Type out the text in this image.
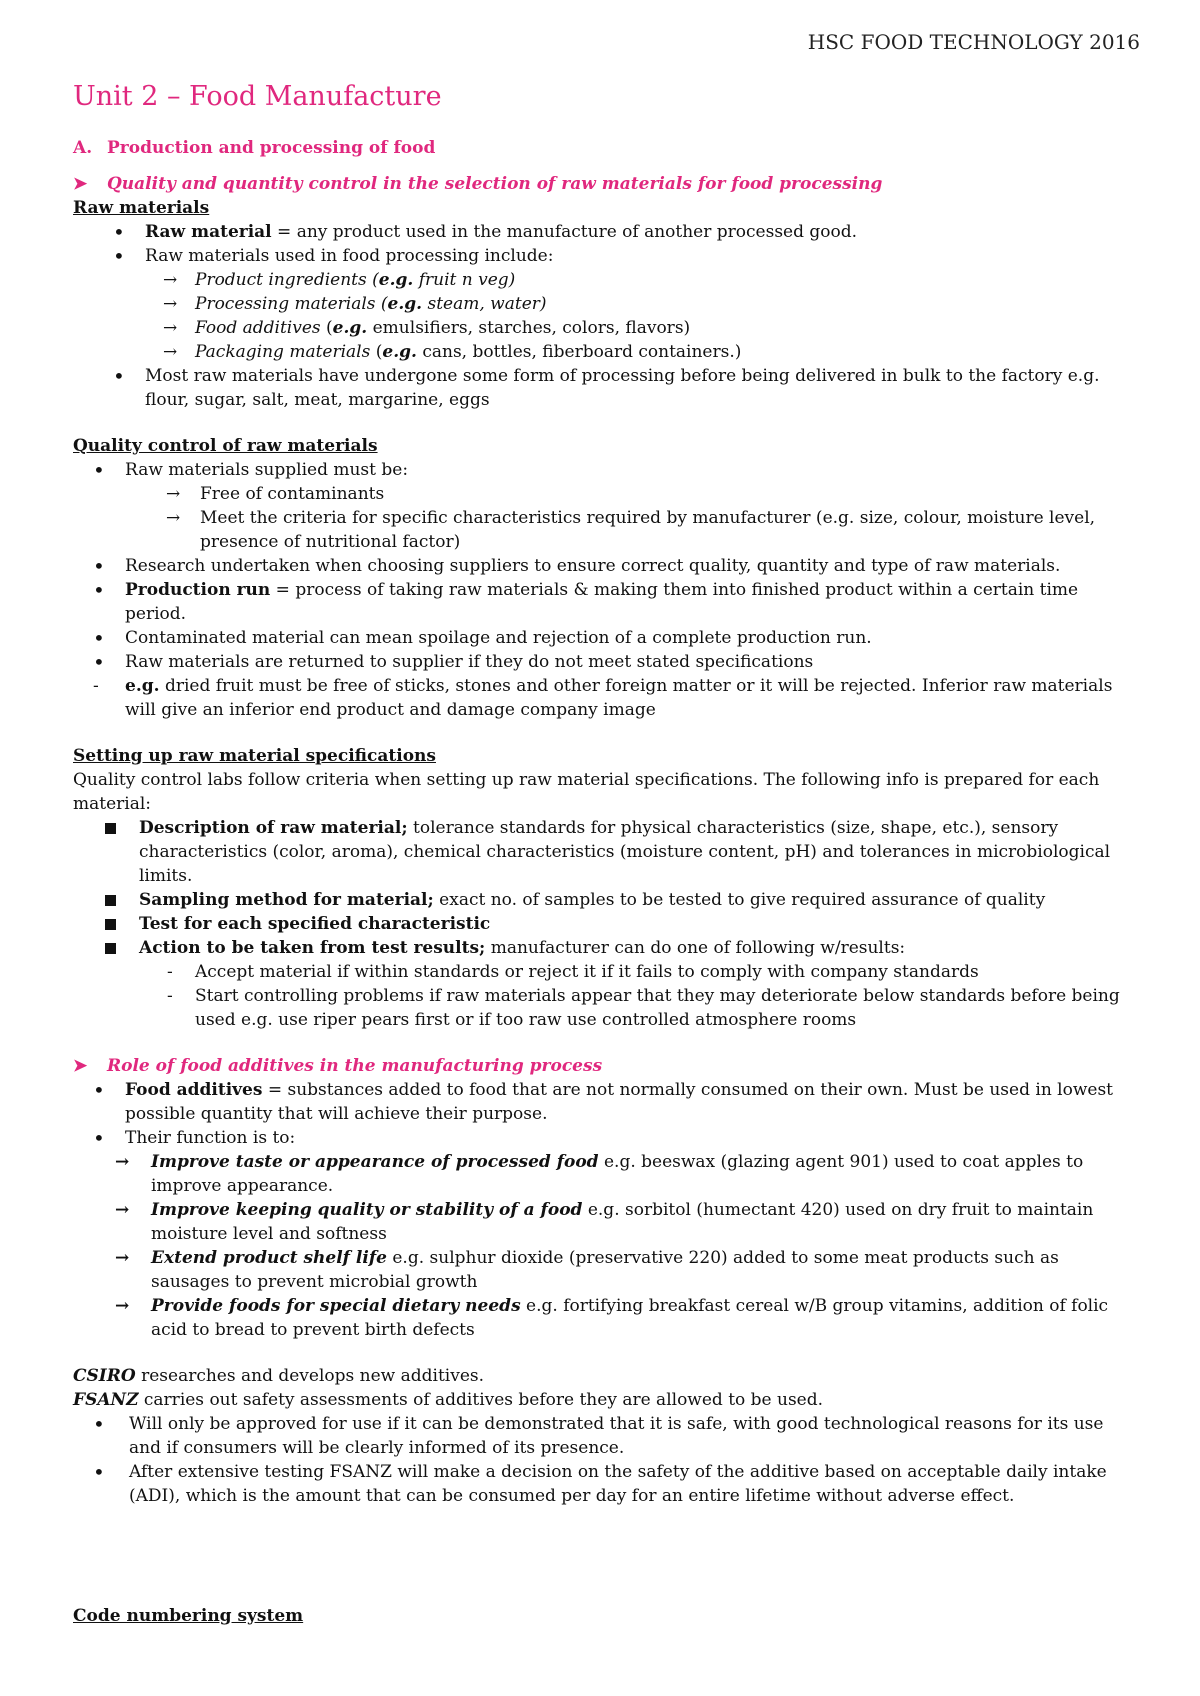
HSC FOOD TECHNOLOGY 2016
Unit 2 – Food Manufacture
A. Production and processing of food
➤ Quality and quantity control in the selection of raw materials for food processing
Raw materials
• Raw material = any product used in the manufacture of another processed good.
• Raw materials used in food processing include:
→ Product ingredients (e.g. fruit n veg)
→ Processing materials (e.g. steam, water)
→ Food additives (e.g. emulsifiers, starches, colors, flavors)
→ Packaging materials (e.g. cans, bottles, fiberboard containers.)
• Most raw materials have undergone some form of processing before being delivered in bulk to the factory e.g. flour, sugar, salt, meat, margarine, eggs
Quality control of raw materials
• Raw materials supplied must be:
→ Free of contaminants
→ Meet the criteria for specific characteristics required by manufacturer (e.g. size, colour, moisture level, presence of nutritional factor)
• Research undertaken when choosing suppliers to ensure correct quality, quantity and type of raw materials.
• Production run = process of taking raw materials & making them into finished product within a certain time period.
• Contaminated material can mean spoilage and rejection of a complete production run.
• Raw materials are returned to supplier if they do not meet stated specifications
- e.g. dried fruit must be free of sticks, stones and other foreign matter or it will be rejected. Inferior raw materials will give an inferior end product and damage company image
Setting up raw material specifications
Quality control labs follow criteria when setting up raw material specifications. The following info is prepared for each material:
Description of raw material; tolerance standards for physical characteristics (size, shape, etc.), sensory characteristics (color, aroma), chemical characteristics (moisture content, pH) and tolerances in microbiological limits.
Sampling method for material; exact no. of samples to be tested to give required assurance of quality
Test for each specified characteristic
Action to be taken from test results; manufacturer can do one of following w/results:
- Accept material if within standards or reject it if it fails to comply with company standards
- Start controlling problems if raw materials appear that they may deteriorate below standards before being used e.g. use riper pears first or if too raw use controlled atmosphere rooms
➤ Role of food additives in the manufacturing process
• Food additives = substances added to food that are not normally consumed on their own. Must be used in lowest possible quantity that will achieve their purpose.
• Their function is to:
→ Improve taste or appearance of processed food e.g. beeswax (glazing agent 901) used to coat apples to improve appearance.
→ Improve keeping quality or stability of a food e.g. sorbitol (humectant 420) used on dry fruit to maintain moisture level and softness
→ Extend product shelf life e.g. sulphur dioxide (preservative 220) added to some meat products such as sausages to prevent microbial growth
→ Provide foods for special dietary needs e.g. fortifying breakfast cereal w/B group vitamins, addition of folic acid to bread to prevent birth defects
CSIRO researches and develops new additives.
FSANZ carries out safety assessments of additives before they are allowed to be used.
• Will only be approved for use if it can be demonstrated that it is safe, with good technological reasons for its use and if consumers will be clearly informed of its presence.
• After extensive testing FSANZ will make a decision on the safety of the additive based on acceptable daily intake (ADI), which is the amount that can be consumed per day for an entire lifetime without adverse effect.
Code numbering system
